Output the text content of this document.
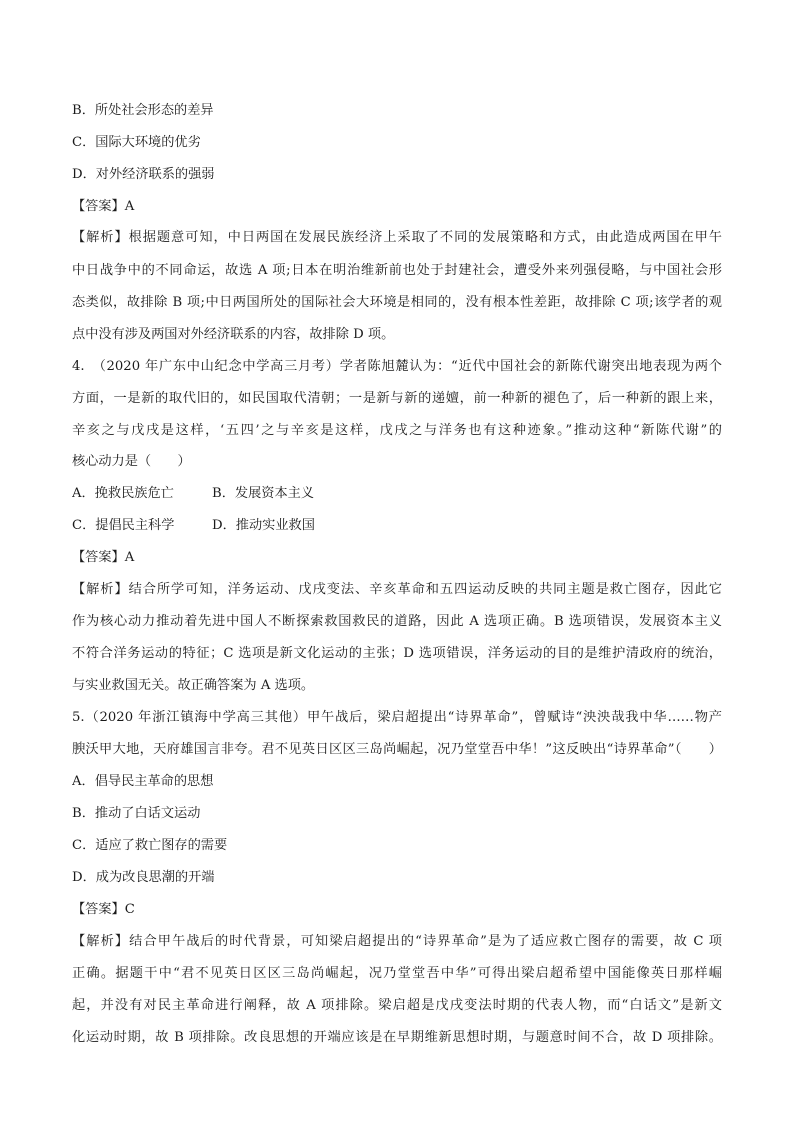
B．所处社会形态的差异
C．国际大环境的优劣
D．对外经济联系的强弱
【答案】A
【解析】根据题意可知，中日两国在发展民族经济上采取了不同的发展策略和方式，由此造成两国在甲午
中日战争中的不同命运，故选 A 项;日本在明治维新前也处于封建社会，遭受外来列强侵略，与中国社会形
态类似，故排除 B 项;中日两国所处的国际社会大环境是相同的，没有根本性差距，故排除 C 项;该学者的观
点中没有涉及两国对外经济联系的内容，故排除 D 项。
4.　（2020 年广东中山纪念中学高三月考）学者陈旭麓认为：“近代中国社会的新陈代谢突出地表现为两个
方面，一是新的取代旧的，如民国取代清朝；一是新与新的递嬗，前一种新的褪色了，后一种新的跟上来，
辛亥之与戊戌是这样，‘五四’之与辛亥是这样，戊戌之与洋务也有这种迹象。”推动这种“新陈代谢”的
核心动力是（　　）
A．挽救民族危亡	B．发展资本主义
C．提倡民主科学	D．推动实业救国
【答案】A
【解析】结合所学可知，洋务运动、戊戌变法、辛亥革命和五四运动反映的共同主题是救亡图存，因此它
作为核心动力推动着先进中国人不断探索救国救民的道路，因此 A 选项正确。B 选项错误，发展资本主义
不符合洋务运动的特征；C 选项是新文化运动的主张；D 选项错误，洋务运动的目的是维护清政府的统治，
与实业救国无关。故正确答案为 A 选项。
5.（2020 年浙江镇海中学高三其他）甲午战后，梁启超提出“诗界革命”，曾赋诗“泱泱哉我中华……物产
腴沃甲大地，天府雄国言非夸。君不见英日区区三岛尚崛起，况乃堂堂吾中华！”这反映出“诗界革命”（　　）
A．倡导民主革命的思想
B．推动了白话文运动
C．适应了救亡图存的需要
D．成为改良思潮的开端
【答案】C
【解析】结合甲午战后的时代背景，可知梁启超提出的“诗界革命”是为了适应救亡图存的需要，故 C 项
正确。据题干中“君不见英日区区三岛尚崛起，况乃堂堂吾中华”可得出梁启超希望中国能像英日那样崛
起，并没有对民主革命进行阐释，故 A 项排除。梁启超是戊戌变法时期的代表人物，而“白话文”是新文
化运动时期，故 B 项排除。改良思想的开端应该是在早期维新思想时期，与题意时间不合，故 D 项排除。
